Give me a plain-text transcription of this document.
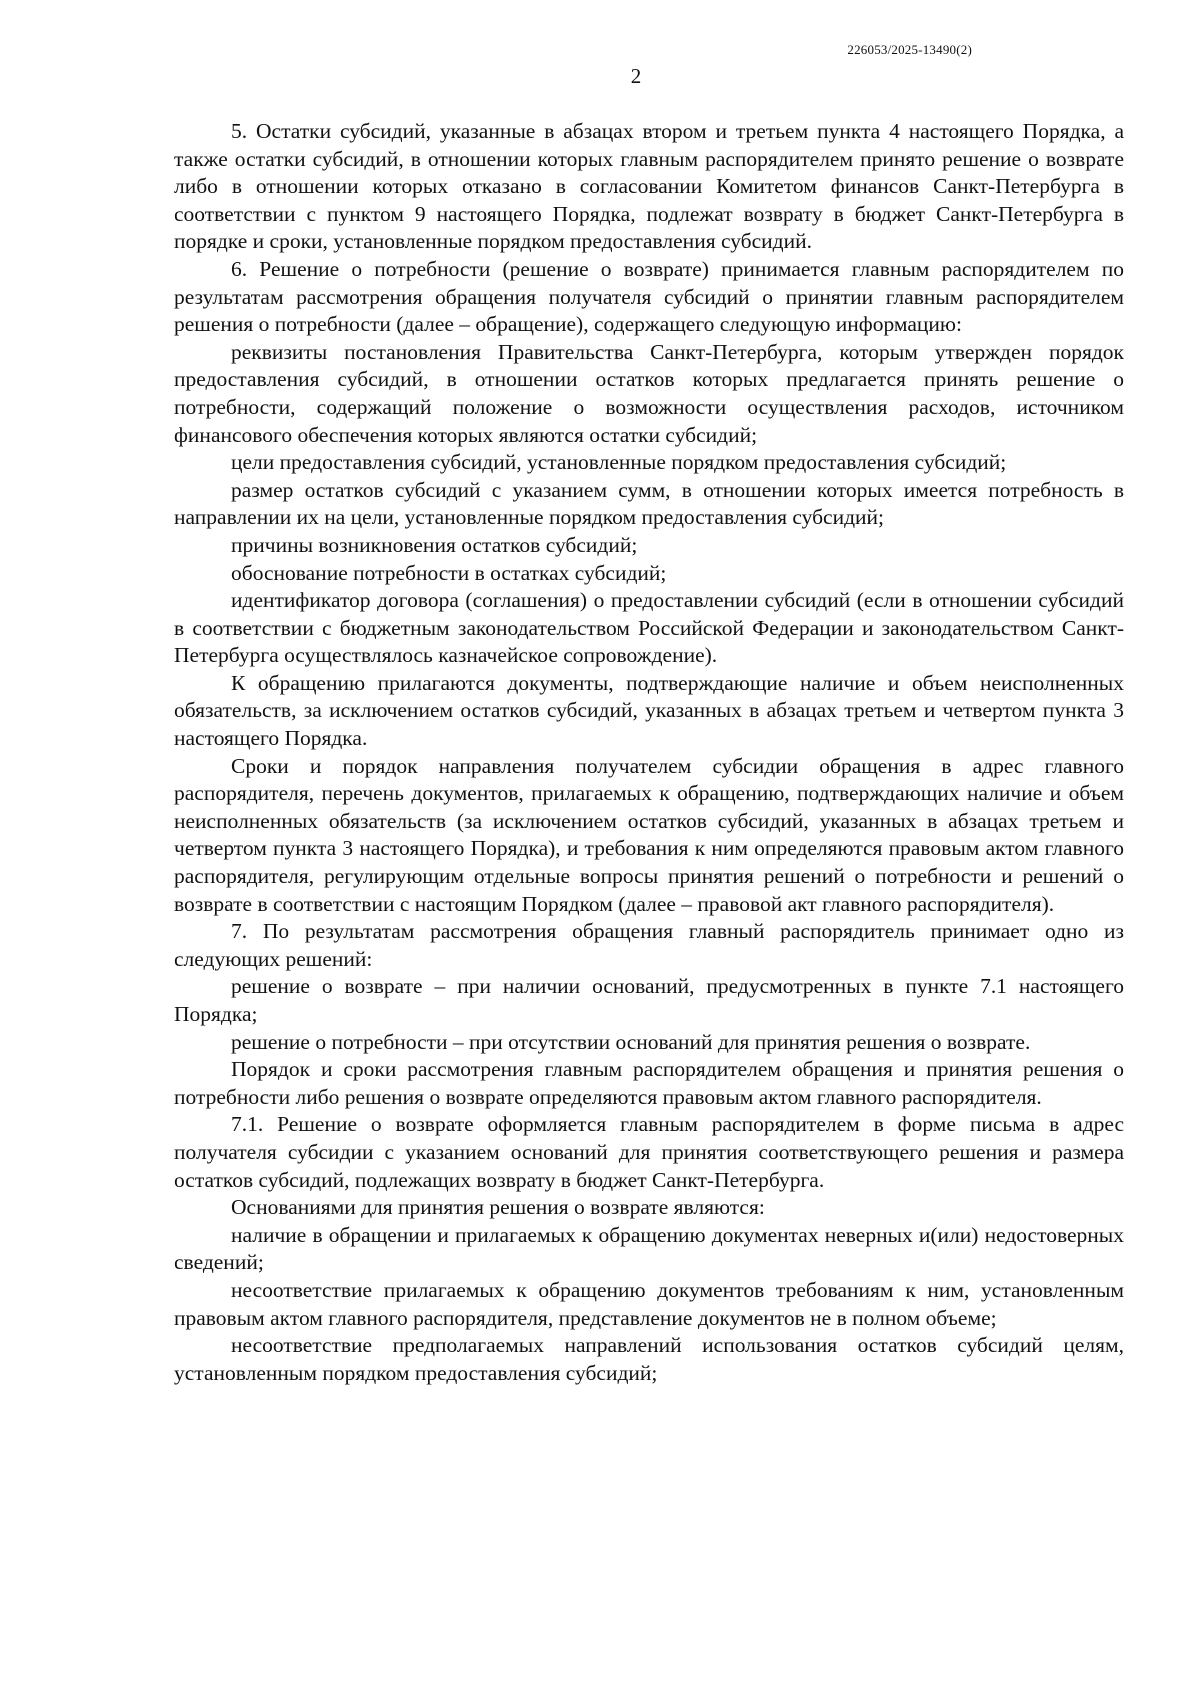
226053/2025-13490(2)
2

5. Остатки субсидий, указанные в абзацах втором и третьем пункта 4 настоящего Порядка, а также остатки субсидий, в отношении которых главным распорядителем принято решение о возврате либо в отношении которых отказано в согласовании Комитетом финансов Санкт-Петербурга в соответствии с пунктом 9 настоящего Порядка, подлежат возврату в бюджет Санкт-Петербурга в порядке и сроки, установленные порядком предоставления субсидий.

6. Решение о потребности (решение о возврате) принимается главным распорядителем по результатам рассмотрения обращения получателя субсидий о принятии главным распорядителем решения о потребности (далее – обращение), содержащего следующую информацию:

реквизиты постановления Правительства Санкт-Петербурга, которым утвержден порядок предоставления субсидий, в отношении остатков которых предлагается принять решение о потребности, содержащий положение о возможности осуществления расходов, источником финансового обеспечения которых являются остатки субсидий;

цели предоставления субсидий, установленные порядком предоставления субсидий;

размер остатков субсидий с указанием сумм, в отношении которых имеется потребность в направлении их на цели, установленные порядком предоставления субсидий;

причины возникновения остатков субсидий;

обоснование потребности в остатках субсидий;

идентификатор договора (соглашения) о предоставлении субсидий (если в отношении субсидий в соответствии с бюджетным законодательством Российской Федерации и законодательством Санкт-Петербурга осуществлялось казначейское сопровождение).

К обращению прилагаются документы, подтверждающие наличие и объем неисполненных обязательств, за исключением остатков субсидий, указанных в абзацах третьем и четвертом пункта 3 настоящего Порядка.

Сроки и порядок направления получателем субсидии обращения в адрес главного распорядителя, перечень документов, прилагаемых к обращению, подтверждающих наличие и объем неисполненных обязательств (за исключением остатков субсидий, указанных в абзацах третьем и четвертом пункта 3 настоящего Порядка), и требования к ним определяются правовым актом главного распорядителя, регулирующим отдельные вопросы принятия решений о потребности и решений о возврате в соответствии с настоящим Порядком (далее – правовой акт главного распорядителя).

7. По результатам рассмотрения обращения главный распорядитель принимает одно из следующих решений:

решение о возврате – при наличии оснований, предусмотренных в пункте 7.1 настоящего Порядка;

решение о потребности – при отсутствии оснований для принятия решения о возврате.

Порядок и сроки рассмотрения главным распорядителем обращения и принятия решения о потребности либо решения о возврате определяются правовым актом главного распорядителя.

7.1. Решение о возврате оформляется главным распорядителем в форме письма в адрес получателя субсидии с указанием оснований для принятия соответствующего решения и размера остатков субсидий, подлежащих возврату в бюджет Санкт-Петербурга.

Основаниями для принятия решения о возврате являются:

наличие в обращении и прилагаемых к обращению документах неверных и(или) недостоверных сведений;

несоответствие прилагаемых к обращению документов требованиям к ним, установленным правовым актом главного распорядителя, представление документов не в полном объеме;

несоответствие предполагаемых направлений использования остатков субсидий целям, установленным порядком предоставления субсидий;
